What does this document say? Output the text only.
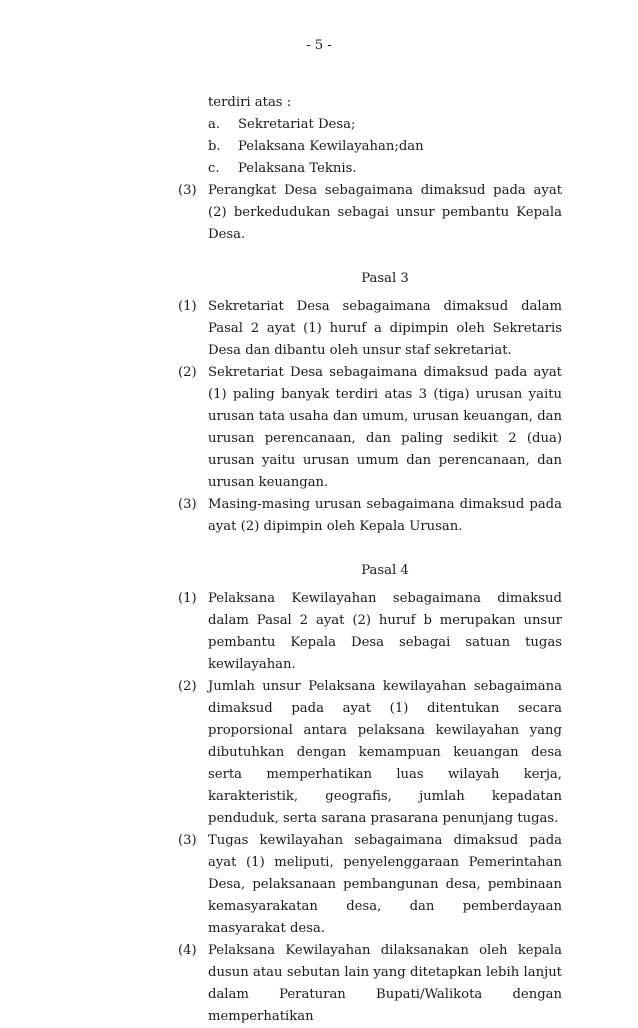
- 5 -
terdiri atas :
a. Sekretariat Desa;
b. Pelaksana Kewilayahan;dan
c. Pelaksana Teknis.
(3) Perangkat Desa sebagaimana dimaksud pada ayat (2) berkedudukan sebagai unsur pembantu Kepala Desa.
Pasal 3
(1) Sekretariat Desa sebagaimana dimaksud dalam Pasal 2 ayat (1) huruf a dipimpin oleh Sekretaris Desa dan dibantu oleh unsur staf sekretariat.
(2) Sekretariat Desa sebagaimana dimaksud pada ayat (1) paling banyak terdiri atas 3 (tiga) urusan yaitu urusan tata usaha dan umum, urusan keuangan, dan urusan perencanaan, dan paling sedikit 2 (dua) urusan yaitu urusan umum dan perencanaan, dan urusan keuangan.
(3) Masing-masing urusan sebagaimana dimaksud pada ayat (2) dipimpin oleh Kepala Urusan.
Pasal 4
(1) Pelaksana Kewilayahan sebagaimana dimaksud dalam Pasal 2 ayat (2) huruf b merupakan unsur pembantu Kepala Desa sebagai satuan tugas kewilayahan.
(2) Jumlah unsur Pelaksana kewilayahan sebagaimana dimaksud pada ayat (1) ditentukan secara proporsional antara pelaksana kewilayahan yang dibutuhkan dengan kemampuan keuangan desa serta memperhatikan luas wilayah kerja, karakteristik, geografis, jumlah kepadatan penduduk, serta sarana prasarana penunjang tugas.
(3) Tugas kewilayahan sebagaimana dimaksud pada ayat (1) meliputi, penyelenggaraan Pemerintahan Desa, pelaksanaan pembangunan desa, pembinaan kemasyarakatan desa, dan pemberdayaan masyarakat desa.
(4) Pelaksana Kewilayahan dilaksanakan oleh kepala dusun atau sebutan lain yang ditetapkan lebih lanjut dalam Peraturan Bupati/Walikota dengan memperhatikan
